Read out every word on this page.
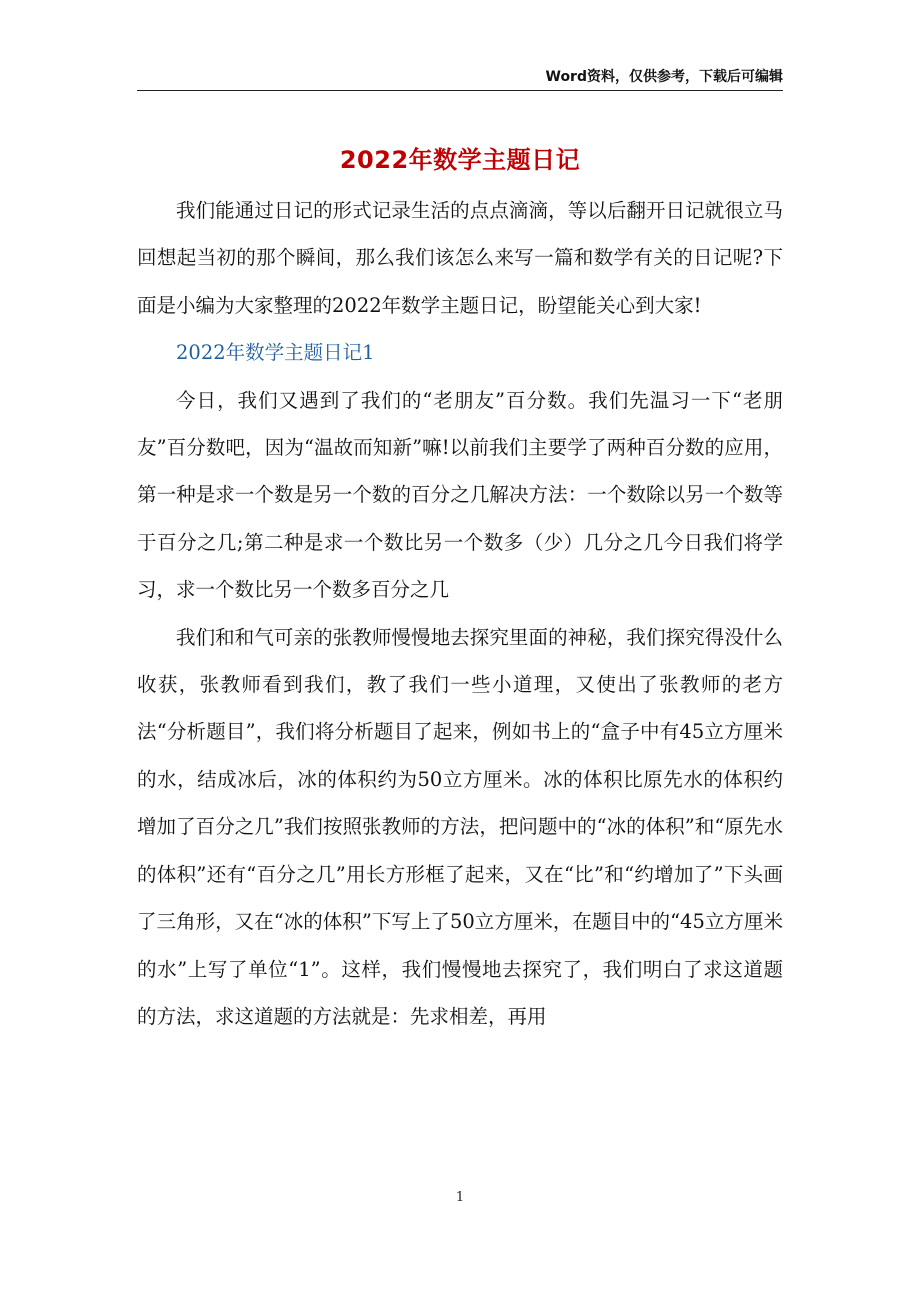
Word资料，仅供参考，下载后可编辑
2022年数学主题日记

我们能通过日记的形式记录生活的点点滴滴，等以后翻开日记就很立马回想起当初的那个瞬间，那么我们该怎么来写一篇和数学有关的日记呢?下面是小编为大家整理的2022年数学主题日记，盼望能关心到大家!

2022年数学主题日记1

今日，我们又遇到了我们的“老朋友”百分数。我们先温习一下“老朋友”百分数吧，因为“温故而知新”嘛!以前我们主要学了两种百分数的应用，第一种是求一个数是另一个数的百分之几解决方法：一个数除以另一个数等于百分之几;第二种是求一个数比另一个数多（少）几分之几今日我们将学习，求一个数比另一个数多百分之几

我们和和气可亲的张教师慢慢地去探究里面的神秘，我们探究得没什么收获，张教师看到我们，教了我们一些小道理，又使出了张教师的老方法“分析题目”，我们将分析题目了起来，例如书上的“盒子中有45立方厘米的水，结成冰后，冰的体积约为50立方厘米。冰的体积比原先水的体积约增加了百分之几”我们按照张教师的方法，把问题中的“冰的体积”和“原先水的体积”还有“百分之几”用长方形框了起来，又在“比”和“约增加了”下头画了三角形，又在“冰的体积”下写上了50立方厘米，在题目中的“45立方厘米的水”上写了单位“1”。这样，我们慢慢地去探究了，我们明白了求这道题的方法，求这道题的方法就是：先求相差，再用

1
